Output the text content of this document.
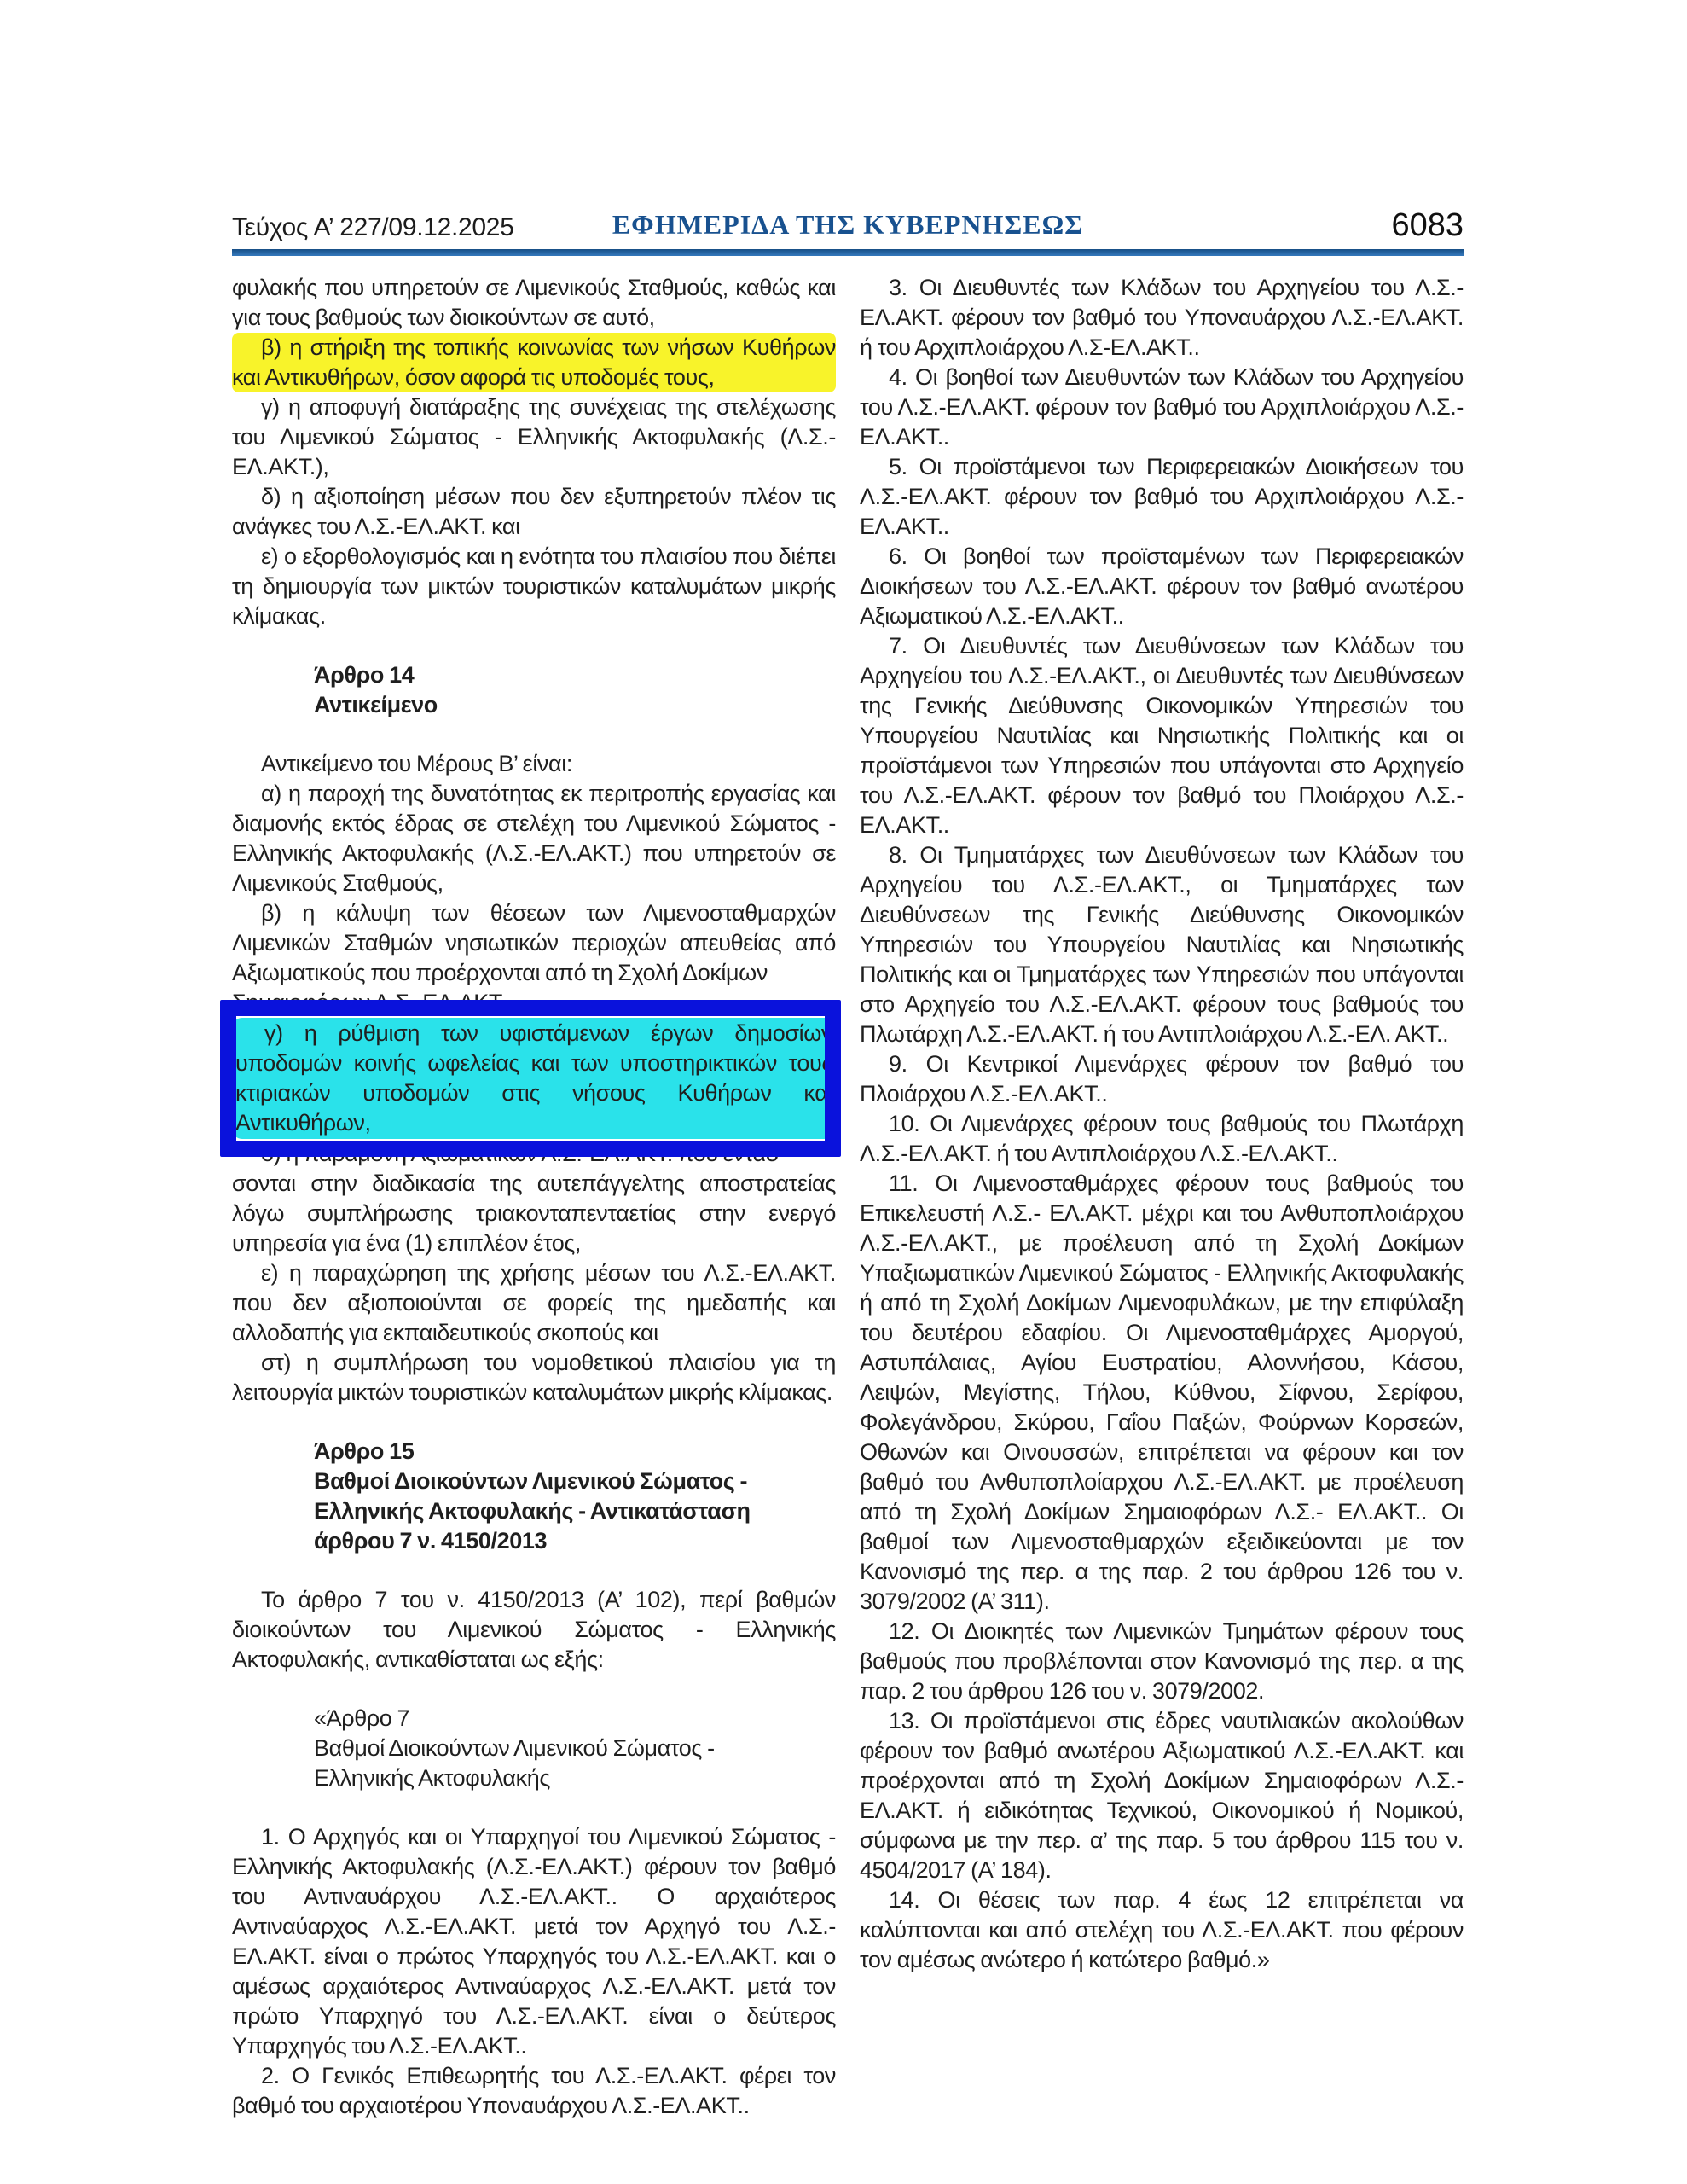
Τεύχος Α’ 227/09.12.2025	ΕΦΗΜΕΡΙΔΑ ΤΗΣ ΚΥΒΕΡΝΗΣΕΩΣ	6083
φυλακής που υπηρετούν σε Λιμενικούς Σταθμούς, καθώς και για τους βαθμούς των διοικούντων σε αυτό,
β) η στήριξη της τοπικής κοινωνίας των νήσων Κυθήρων και Αντικυθήρων, όσον αφορά τις υποδομές τους,
γ) η αποφυγή διατάραξης της συνέχειας της στελέχωσης του Λιμενικού Σώματος - Ελληνικής Ακτοφυλακής (Λ.Σ.-ΕΛ.ΑΚΤ.),
δ) η αξιοποίηση μέσων που δεν εξυπηρετούν πλέον τις ανάγκες του Λ.Σ.-ΕΛ.ΑΚΤ. και
ε) ο εξορθολογισμός και η ενότητα του πλαισίου που διέπει τη δημιουργία των μικτών τουριστικών καταλυμάτων μικρής κλίμακας.
Άρθρο 14
Αντικείμενο
Αντικείμενο του Μέρους Β’ είναι:
α) η παροχή της δυνατότητας εκ περιτροπής εργασίας και διαμονής εκτός έδρας σε στελέχη του Λιμενικού Σώματος - Ελληνικής Ακτοφυλακής (Λ.Σ.-ΕΛ.ΑΚΤ.) που υπηρετούν σε Λιμενικούς Σταθμούς,
β) η κάλυψη των θέσεων των Λιμενοσταθμαρχών Λιμενικών Σταθμών νησιωτικών περιοχών απευθείας από Αξιωματικούς που προέρχονται από τη Σχολή Δοκίμων
Σημαιοφόρων Λ.Σ.-ΕΛ.ΑΚΤ.,
γ) η ρύθμιση των υφιστάμενων έργων δημοσίων υποδομών κοινής ωφελείας και των υποστηρικτικών τους κτιριακών υποδομών στις νήσους Κυθήρων και Αντικυθήρων,
δ) η παραμονή Αξιωματικών Λ.Σ.-ΕΛ.ΑΚΤ. που εντάσ-
σονται στην διαδικασία της αυτεπάγγελτης αποστρατείας λόγω συμπλήρωσης τριακονταπενταετίας στην ενεργό υπηρεσία για ένα (1) επιπλέον έτος,
ε) η παραχώρηση της χρήσης μέσων του Λ.Σ.-ΕΛ.ΑΚΤ. που δεν αξιοποιούνται σε φορείς της ημεδαπής και αλλοδαπής για εκπαιδευτικούς σκοπούς και
στ) η συμπλήρωση του νομοθετικού πλαισίου για τη λειτουργία μικτών τουριστικών καταλυμάτων μικρής κλίμακας.
Άρθρο 15
Βαθμοί Διοικούντων Λιμενικού Σώματος -
Ελληνικής Ακτοφυλακής - Αντικατάσταση
άρθρου 7 ν. 4150/2013
Το άρθρο 7 του ν. 4150/2013 (Α’ 102), περί βαθμών διοικούντων του Λιμενικού Σώματος - Ελληνικής Ακτοφυλακής, αντικαθίσταται ως εξής:
«Άρθρο 7
Βαθμοί Διοικούντων Λιμενικού Σώματος -
Ελληνικής Ακτοφυλακής
1. Ο Αρχηγός και οι Υπαρχηγοί του Λιμενικού Σώματος - Ελληνικής Ακτοφυλακής (Λ.Σ.-ΕΛ.ΑΚΤ.) φέρουν τον βαθμό του Αντιναυάρχου Λ.Σ.-ΕΛ.ΑΚΤ.. Ο αρχαιότερος Αντιναύαρχος Λ.Σ.-ΕΛ.ΑΚΤ. μετά τον Αρχηγό του Λ.Σ.-ΕΛ.ΑΚΤ. είναι ο πρώτος Υπαρχηγός του Λ.Σ.-ΕΛ.ΑΚΤ. και ο αμέσως αρχαιότερος Αντιναύαρχος Λ.Σ.-ΕΛ.ΑΚΤ. μετά τον πρώτο Υπαρχηγό του Λ.Σ.-ΕΛ.ΑΚΤ. είναι ο δεύτερος Υπαρχηγός του Λ.Σ.-ΕΛ.ΑΚΤ..
2. Ο Γενικός Επιθεωρητής του Λ.Σ.-ΕΛ.ΑΚΤ. φέρει τον βαθμό του αρχαιοτέρου Υποναυάρχου Λ.Σ.-ΕΛ.ΑΚΤ..
3. Οι Διευθυντές των Κλάδων του Αρχηγείου του Λ.Σ.-ΕΛ.ΑΚΤ. φέρουν τον βαθμό του Υποναυάρχου Λ.Σ.-ΕΛ.ΑΚΤ. ή του Αρχιπλοιάρχου Λ.Σ-ΕΛ.ΑΚΤ..
4. Οι βοηθοί των Διευθυντών των Κλάδων του Αρχηγείου του Λ.Σ.-ΕΛ.ΑΚΤ. φέρουν τον βαθμό του Αρχιπλοιάρχου Λ.Σ.-ΕΛ.ΑΚΤ..
5. Οι προϊστάμενοι των Περιφερειακών Διοικήσεων του Λ.Σ.-ΕΛ.ΑΚΤ. φέρουν τον βαθμό του Αρχιπλοιάρχου Λ.Σ.-ΕΛ.ΑΚΤ..
6. Οι βοηθοί των προϊσταμένων των Περιφερειακών Διοικήσεων του Λ.Σ.-ΕΛ.ΑΚΤ. φέρουν τον βαθμό ανωτέρου Αξιωματικού Λ.Σ.-ΕΛ.ΑΚΤ..
7. Οι Διευθυντές των Διευθύνσεων των Κλάδων του Αρχηγείου του Λ.Σ.-ΕΛ.ΑΚΤ., οι Διευθυντές των Διευθύνσεων της Γενικής Διεύθυνσης Οικονομικών Υπηρεσιών του Υπουργείου Ναυτιλίας και Νησιωτικής Πολιτικής και οι προϊστάμενοι των Υπηρεσιών που υπάγονται στο Αρχηγείο του Λ.Σ.-ΕΛ.ΑΚΤ. φέρουν τον βαθμό του Πλοιάρχου Λ.Σ.-ΕΛ.ΑΚΤ..
8. Οι Τμηματάρχες των Διευθύνσεων των Κλάδων του Αρχηγείου του Λ.Σ.-ΕΛ.ΑΚΤ., οι Τμηματάρχες των Διευθύνσεων της Γενικής Διεύθυνσης Οικονομικών Υπηρεσιών του Υπουργείου Ναυτιλίας και Νησιωτικής Πολιτικής και οι Τμηματάρχες των Υπηρεσιών που υπάγονται στο Αρχηγείο του Λ.Σ.-ΕΛ.ΑΚΤ. φέρουν τους βαθμούς του Πλωτάρχη Λ.Σ.-ΕΛ.ΑΚΤ. ή του Αντιπλοιάρχου Λ.Σ.-ΕΛ. ΑΚΤ..
9. Οι Κεντρικοί Λιμενάρχες φέρουν τον βαθμό του Πλοιάρχου Λ.Σ.-ΕΛ.ΑΚΤ..
10. Οι Λιμενάρχες φέρουν τους βαθμούς του Πλωτάρχη Λ.Σ.-ΕΛ.ΑΚΤ. ή του Αντιπλοιάρχου Λ.Σ.-ΕΛ.ΑΚΤ..
11. Οι Λιμενοσταθμάρχες φέρουν τους βαθμούς του Επικελευστή Λ.Σ.- ΕΛ.ΑΚΤ. μέχρι και του Ανθυποπλοιάρχου Λ.Σ.-ΕΛ.ΑΚΤ., με προέλευση από τη Σχολή Δοκίμων Υπαξιωματικών Λιμενικού Σώματος - Ελληνικής Ακτοφυλακής ή από τη Σχολή Δοκίμων Λιμενοφυλάκων, με την επιφύλαξη του δευτέρου εδαφίου. Οι Λιμενοσταθμάρχες Αμοργού, Αστυπάλαιας, Αγίου Ευστρατίου, Αλοννήσου, Κάσου, Λειψών, Μεγίστης, Τήλου, Κύθνου, Σίφνου, Σερίφου, Φολεγάνδρου, Σκύρου, Γαΐου Παξών, Φούρνων Κορσεών, Οθωνών και Οινουσσών, επιτρέπεται να φέρουν και τον βαθμό του Ανθυποπλοίαρχου Λ.Σ.-ΕΛ.ΑΚΤ. με προέλευση από τη Σχολή Δοκίμων Σημαιοφόρων Λ.Σ.- ΕΛ.ΑΚΤ.. Οι βαθμοί των Λιμενοσταθμαρχών εξειδικεύονται με τον Κανονισμό της περ. α της παρ. 2 του άρθρου 126 του ν. 3079/2002 (Α’ 311).
12. Οι Διοικητές των Λιμενικών Τμημάτων φέρουν τους βαθμούς που προβλέπονται στον Κανονισμό της περ. α της παρ. 2 του άρθρου 126 του ν. 3079/2002.
13. Οι προϊστάμενοι στις έδρες ναυτιλιακών ακολούθων φέρουν τον βαθμό ανωτέρου Αξιωματικού Λ.Σ.-ΕΛ.ΑΚΤ. και προέρχονται από τη Σχολή Δοκίμων Σημαιοφόρων Λ.Σ.-ΕΛ.ΑΚΤ. ή ειδικότητας Τεχνικού, Οικονομικού ή Νομικού, σύμφωνα με την περ. α’ της παρ. 5 του άρθρου 115 του ν. 4504/2017 (Α’ 184).
14. Οι θέσεις των παρ. 4 έως 12 επιτρέπεται να καλύπτονται και από στελέχη του Λ.Σ.-ΕΛ.ΑΚΤ. που φέρουν τον αμέσως ανώτερο ή κατώτερο βαθμό.»
